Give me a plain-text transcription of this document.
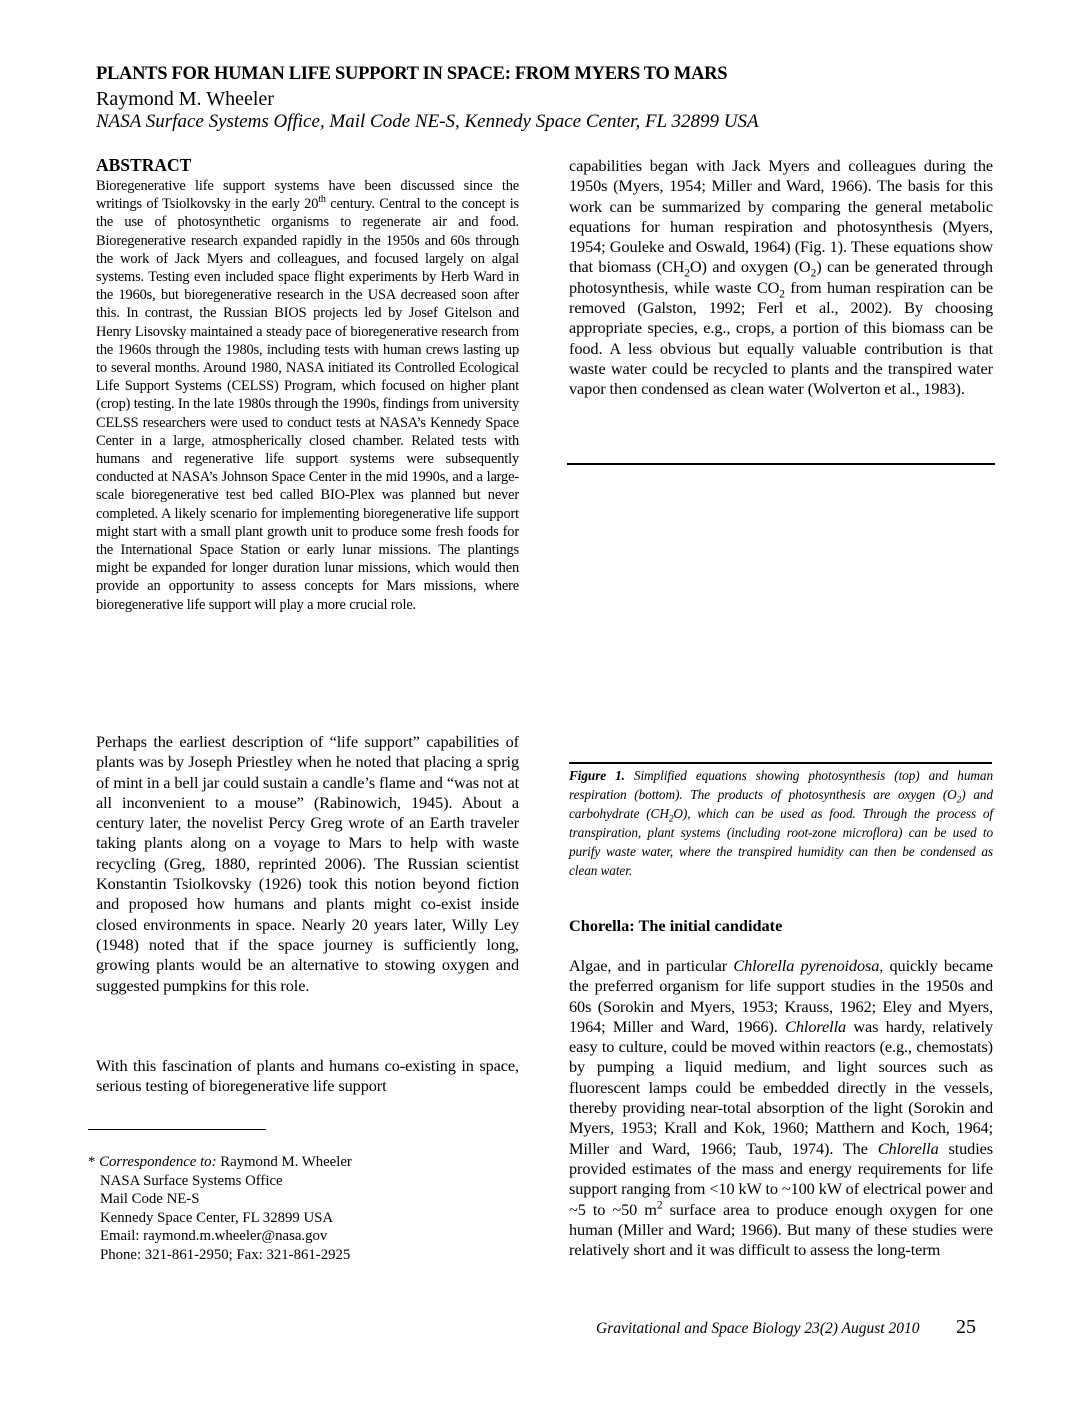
PLANTS FOR HUMAN LIFE SUPPORT IN SPACE: FROM MYERS TO MARS
Raymond M. Wheeler
NASA Surface Systems Office, Mail Code NE-S, Kennedy Space Center, FL 32899 USA
ABSTRACT
Bioregenerative life support systems have been discussed since the writings of Tsiolkovsky in the early 20th century. Central to the concept is the use of photosynthetic organisms to regenerate air and food. Bioregenerative research expanded rapidly in the 1950s and 60s through the work of Jack Myers and colleagues, and focused largely on algal systems. Testing even included space flight experiments by Herb Ward in the 1960s, but bioregenerative research in the USA decreased soon after this. In contrast, the Russian BIOS projects led by Josef Gitelson and Henry Lisovsky maintained a steady pace of bioregenerative research from the 1960s through the 1980s, including tests with human crews lasting up to several months. Around 1980, NASA initiated its Controlled Ecological Life Support Systems (CELSS) Program, which focused on higher plant (crop) testing. In the late 1980s through the 1990s, findings from university CELSS researchers were used to conduct tests at NASA’s Kennedy Space Center in a large, atmospherically closed chamber. Related tests with humans and regenerative life support systems were subsequently conducted at NASA’s Johnson Space Center in the mid 1990s, and a large-scale bioregenerative test bed called BIO-Plex was planned but never completed. A likely scenario for implementing bioregenerative life support might start with a small plant growth unit to produce some fresh foods for the International Space Station or early lunar missions. The plantings might be expanded for longer duration lunar missions, which would then provide an opportunity to assess concepts for Mars missions, where bioregenerative life support will play a more crucial role.

Perhaps the earliest description of “life support” capabilities of plants was by Joseph Priestley when he noted that placing a sprig of mint in a bell jar could sustain a candle’s flame and “was not at all inconvenient to a mouse” (Rabinowich, 1945). About a century later, the novelist Percy Greg wrote of an Earth traveler taking plants along on a voyage to Mars to help with waste recycling (Greg, 1880, reprinted 2006). The Russian scientist Konstantin Tsiolkovsky (1926) took this notion beyond fiction and proposed how humans and plants might co-exist inside closed environments in space. Nearly 20 years later, Willy Ley (1948) noted that if the space journey is sufficiently long, growing plants would be an alternative to stowing oxygen and suggested pumpkins for this role.

With this fascination of plants and humans co-existing in space, serious testing of bioregenerative life support

* Correspondence to: Raymond M. Wheeler
NASA Surface Systems Office
Mail Code NE-S
Kennedy Space Center, FL 32899 USA
Email: raymond.m.wheeler@nasa.gov
Phone: 321-861-2950; Fax: 321-861-2925

capabilities began with Jack Myers and colleagues during the 1950s (Myers, 1954; Miller and Ward, 1966). The basis for this work can be summarized by comparing the general metabolic equations for human respiration and photosynthesis (Myers, 1954; Gouleke and Oswald, 1964) (Fig. 1). These equations show that biomass $(CH_2O)$ and oxygen $(O_2)$ can be generated through photosynthesis, while waste $CO_2$ from human respiration can be removed (Galston, 1992; Ferl et al., 2002). By choosing appropriate species, e.g., crops, a portion of this biomass can be food. A less obvious but equally valuable contribution is that waste water could be recycled to plants and the transpired water vapor then condensed as clean water (Wolverton et al., 1983).

Figure 1. Simplified equations showing photosynthesis (top) and human respiration (bottom). The products of photosynthesis are oxygen $(O_2)$ and carbohydrate $(CH_2O)$, which can be used as food. Through the process of transpiration, plant systems (including root-zone microflora) can be used to purify waste water, where the transpired humidity can then be condensed as clean water.
Chorella: The initial candidate

Algae, and in particular Chlorella pyrenoidosa, quickly became the preferred organism for life support studies in the 1950s and 60s (Sorokin and Myers, 1953; Krauss, 1962; Eley and Myers, 1964; Miller and Ward, 1966). Chlorella was hardy, relatively easy to culture, could be moved within reactors (e.g., chemostats) by pumping a liquid medium, and light sources such as fluorescent lamps could be embedded directly in the vessels, thereby providing near-total absorption of the light (Sorokin and Myers, 1953; Krall and Kok, 1960; Matthern and Koch, 1964; Miller and Ward, 1966; Taub, 1974). The Chlorella studies provided estimates of the mass and energy requirements for life support ranging from <10 kW to ~100 kW of electrical power and ~5 to ~50 $m^2$ surface area to produce enough oxygen for one human (Miller and Ward; 1966). But many of these studies were relatively short and it was difficult to assess the long-term

Gravitational and Space Biology 23(2) August 2010 25
